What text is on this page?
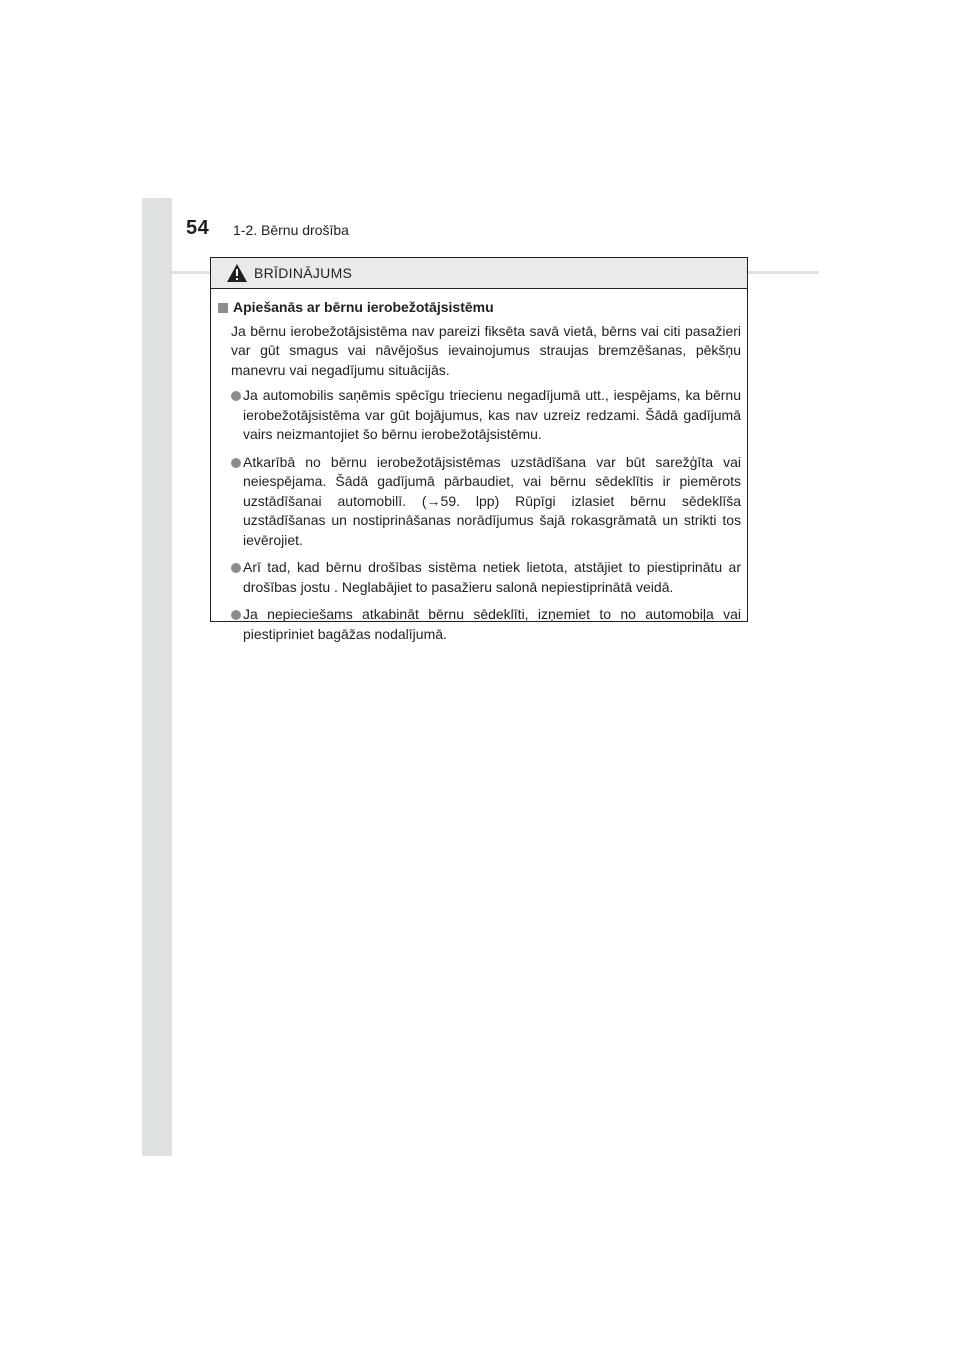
54 1-2. Bērnu drošība
BRĪDINĀJUMS
Apiešanās ar bērnu ierobežotājsistēmu
Ja bērnu ierobežotājsistēma nav pareizi fiksēta savā vietā, bērns vai citi pasažieri var gūt smagus vai nāvējošus ievainojumus straujas bremzēšanas, pēkšņu manevru vai negadījumu situācijās.
Ja automobilis saņēmis spēcīgu triecienu negadījumā utt., iespējams, ka bērnu ierobežotājsistēma var gūt bojājumus, kas nav uzreiz redzami. Šādā gadījumā vairs neizmantojiet šo bērnu ierobežotājsistēmu.
Atkarībā no bērnu ierobežotājsistēmas uzstādīšana var būt sarežģīta vai neiespējama. Šādā gadījumā pārbaudiet, vai bērnu sēdeklītis ir piemērots uzstādīšanai automobilī. (→59. lpp) Rūpīgi izlasiet bērnu sēdeklīša uzstādīšanas un nostiprināšanas norādījumus šajā rokasgrāmatā un strikti tos ievērojiet.
Arī tad, kad bērnu drošības sistēma netiek lietota, atstājiet to piestiprinātu ar drošības jostu . Neglabājiet to pasažieru salonā nepiestiprinātā veidā.
Ja nepieciešams atkabināt bērnu sēdeklīti, izņemiet to no automobiļa vai piestipriniet bagāžas nodalījumā.
